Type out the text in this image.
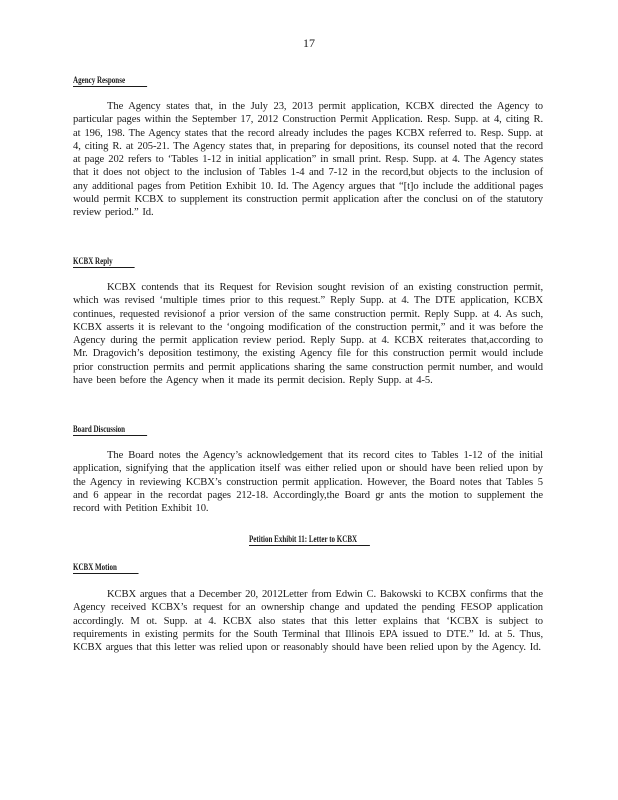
17
Agency Response
The Agency states that, in the July 23, 2013 permit application, KCBX directed the Agency to particular pages within the September 17, 2012 Construction Permit Application. Resp. Supp. at 4, citing R. at 196, 198. The Agency states that the record already includes the pages KCBX referred to. Resp. Supp. at 4, citing R. at 205-21. The Agency states that, in preparing for depositions, its counsel noted that the record at page 202 refers to ‘Tables 1-12 in initial application” in small print. Resp. Supp. at 4. The Agency states that it does not object to the inclusion of Tables 1-4 and 7-12 in the record,but objects to the inclusion of any additional pages from Petition Exhibit 10. Id. The Agency argues that “[t]o include the additional pages would permit KCBX to supplement its construction permit application after the conclusi on of the statutory review period.” Id.
KCBX Reply
KCBX contends that its Request for Revision sought revision of an existing construction permit, which was revised ‘multiple times prior to this request.” Reply Supp. at 4. The DTE application, KCBX continues, requested revisionof a prior version of the same construction permit. Reply Supp. at 4. As such, KCBX asserts it is relevant to the ‘ongoing modification of the construction permit,” and it was before the Agency during the permit application review period. Reply Supp. at 4. KCBX reiterates that,according to Mr. Dragovich’s deposition testimony, the existing Agency file for this construction permit would include prior construction permits and permit applications sharing the same construction permit number, and would have been before the Agency when it made its permit decision. Reply Supp. at 4-5.
Board Discussion
The Board notes the Agency’s acknowledgement that its record cites to Tables 1-12 of the initial application, signifying that the application itself was either relied upon or should have been relied upon by the Agency in reviewing KCBX’s construction permit application. However, the Board notes that Tables 5 and 6 appear in the recordat pages 212-18. Accordingly,the Board gr ants the motion to supplement the record with Petition Exhibit 10.
Petition Exhibit 11: Letter to KCBX
KCBX Motion
KCBX argues that a December 20, 2012Letter from Edwin C. Bakowski to KCBX confirms that the Agency received KCBX’s request for an ownership change and updated the pending FESOP application accordingly. M ot. Supp. at 4. KCBX also states that this letter explains that ‘KCBX is subject to requirements in existing permits for the South Terminal that Illinois EPA issued to DTE.” Id. at 5. Thus, KCBX argues that this letter was relied upon or reasonably should have been relied upon by the Agency. Id.
